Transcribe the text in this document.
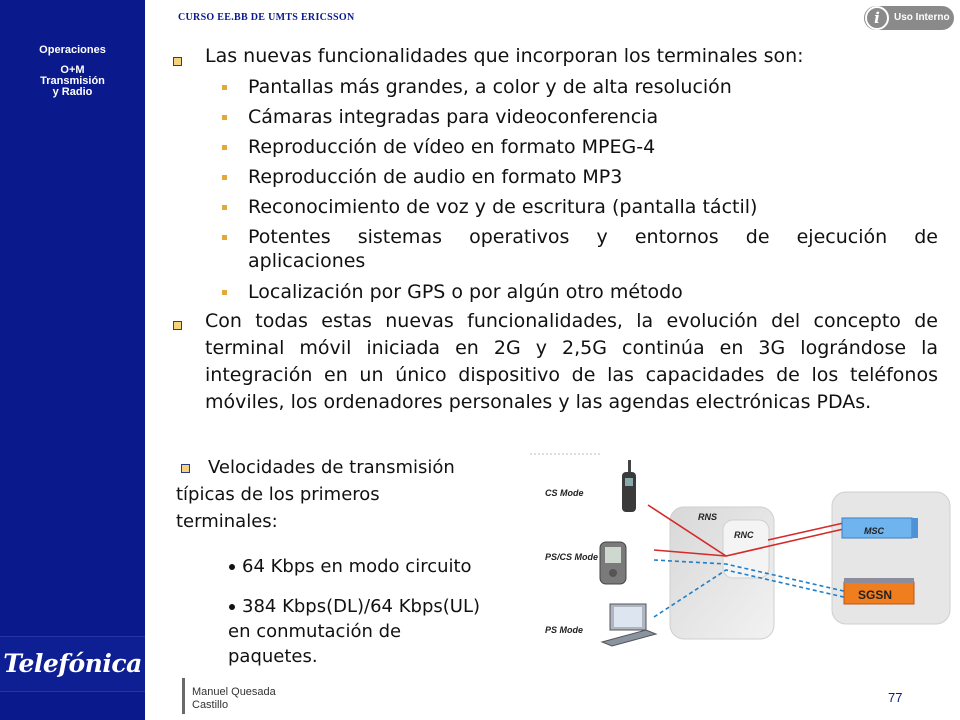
Operaciones
O+M
Transmisión
y Radio
Telefónica
CURSO EE.BB DE UMTS ERICSSON	i	Uso Interno
Las nuevas funcionalidades que incorporan los terminales son:
Pantallas más grandes, a color y de alta resolución
Cámaras integradas para videoconferencia
Reproducción de vídeo en formato MPEG-4
Reproducción de audio en formato MP3
Reconocimiento de voz y de escritura (pantalla táctil)
Potentes sistemas operativos y entornos de ejecución de
aplicaciones
Localización por GPS o por algún otro método
Con todas estas nuevas funcionalidades, la evolución del concepto de terminal móvil iniciada en 2G y 2,5G continúa en 3G lográndose la integración en un único dispositivo de las capacidades de los teléfonos móviles, los ordenadores personales y las agendas electrónicas PDAs.
Velocidades de transmisión
típicas de los primeros
terminales:
64 Kbps en modo circuito
384 Kbps(DL)/64 Kbps(UL)
en conmutación de
paquetes.
MSC
SGSN
RNS
RNC
CS Mode
PS/CS Mode
PS Mode
Manuel Quesada
Castillo	77
